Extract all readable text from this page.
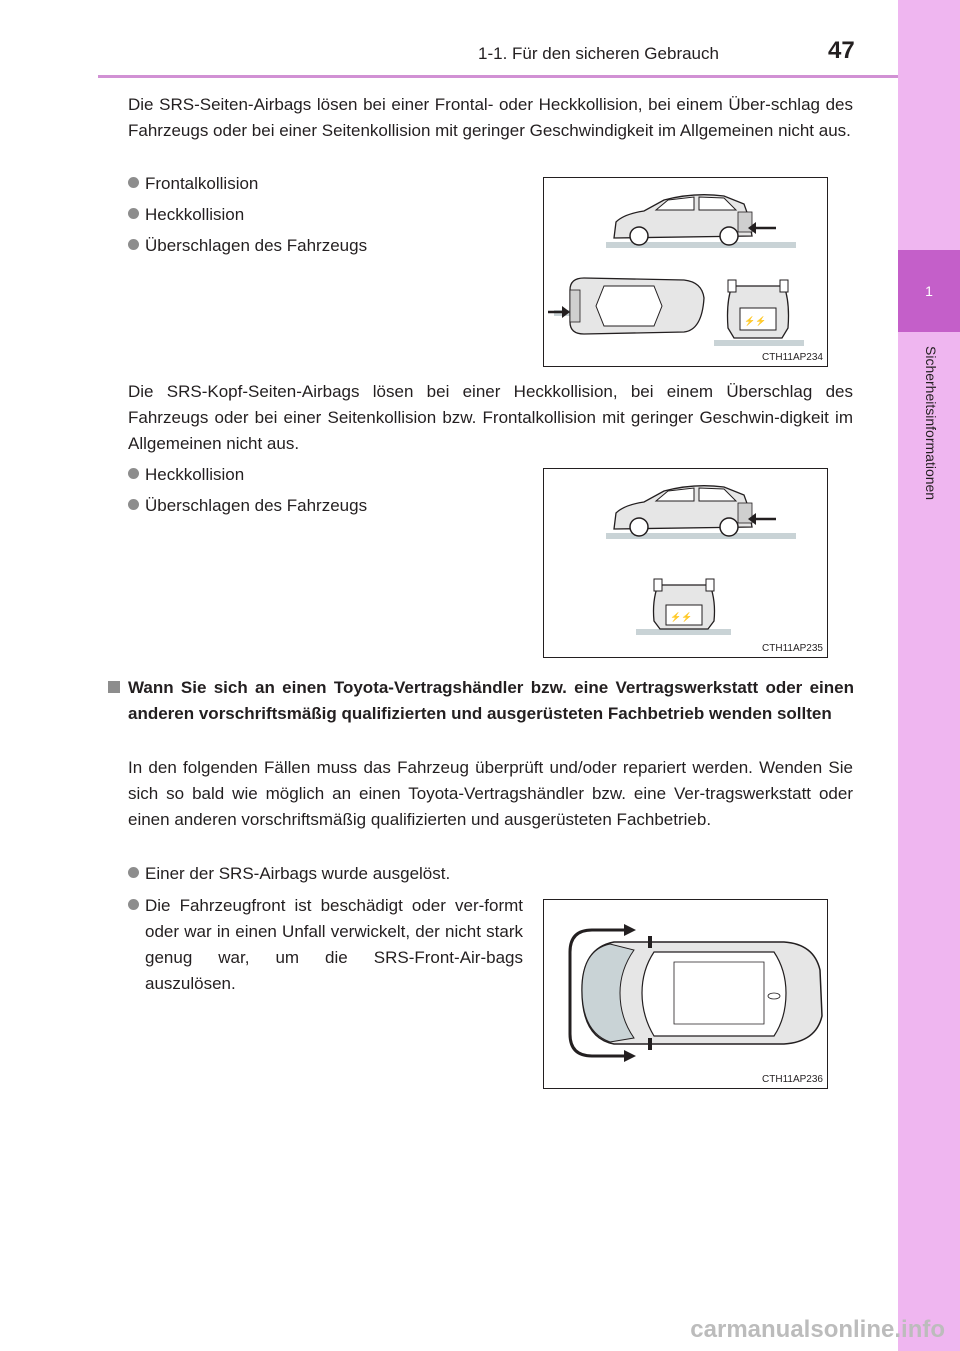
1
Sicherheitsinformationen
1-1. Für den sicheren Gebrauch	47
Die SRS-Seiten-Airbags lösen bei einer Frontal- oder Heckkollision, bei einem Über-schlag des Fahrzeugs oder bei einer Seitenkollision mit geringer Geschwindigkeit im Allgemeinen nicht aus.
Frontalkollision
Heckkollision
Überschlagen des Fahrzeugs
⚡⚡
CTH11AP234
Die SRS-Kopf-Seiten-Airbags lösen bei einer Heckkollision, bei einem Überschlag des Fahrzeugs oder bei einer Seitenkollision bzw. Frontalkollision mit geringer Geschwin-digkeit im Allgemeinen nicht aus.
Heckkollision
Überschlagen des Fahrzeugs
⚡⚡
CTH11AP235
Wann Sie sich an einen Toyota-Vertragshändler bzw. eine Vertragswerkstatt oder einen anderen vorschriftsmäßig qualifizierten und ausgerüsteten Fachbetrieb wenden sollten
In den folgenden Fällen muss das Fahrzeug überprüft und/oder repariert werden. Wenden Sie sich so bald wie möglich an einen Toyota-Vertragshändler bzw. eine Ver-tragswerkstatt oder einen anderen vorschriftsmäßig qualifizierten und ausgerüsteten Fachbetrieb.
Einer der SRS-Airbags wurde ausgelöst.
Die Fahrzeugfront ist beschädigt oder ver-formt oder war in einen Unfall verwickelt, der nicht stark genug war, um die SRS-Front-Air-bags auszulösen.
CTH11AP236
carmanualsonline.info
